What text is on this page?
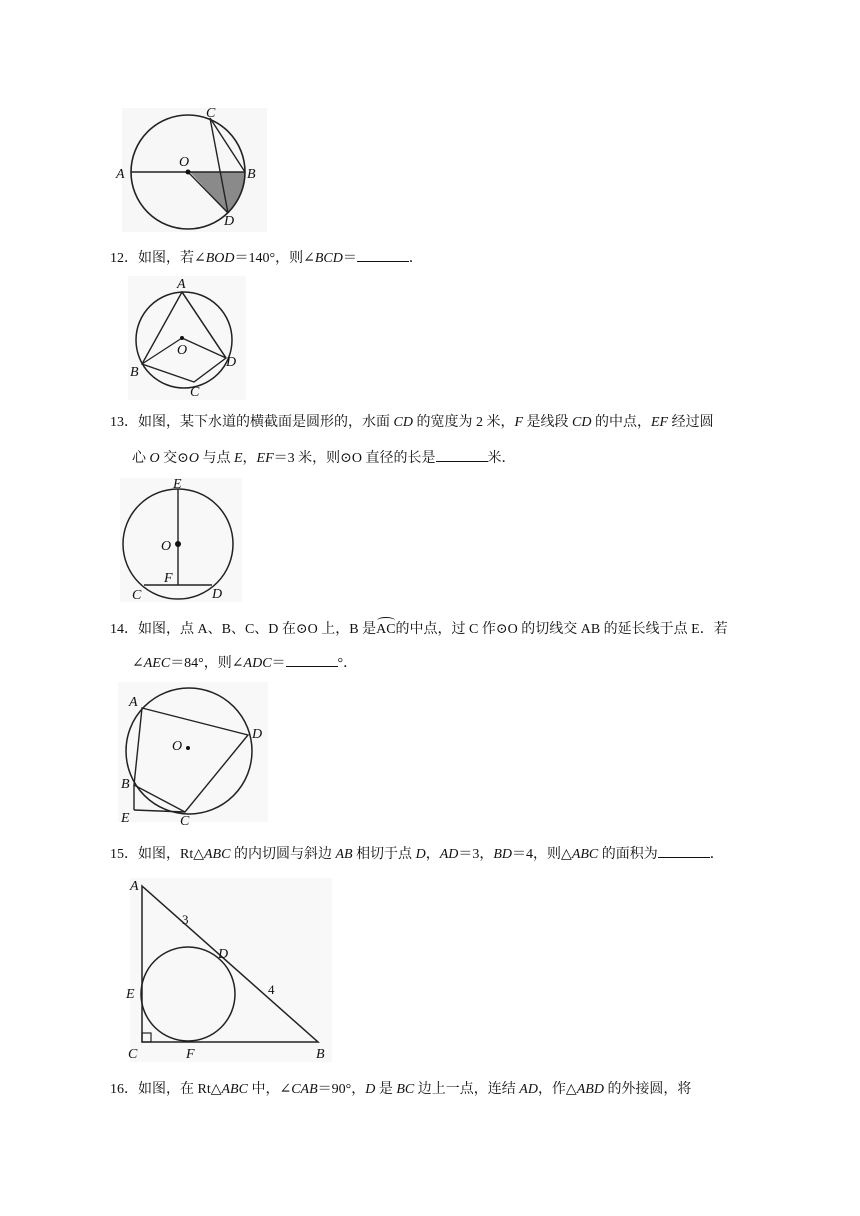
A
C
O
B
D
12．如图，若∠BOD＝140°，则∠BCD＝	．
A
O
B
D
C
13．如图，某下水道的横截面是圆形的，水面 CD 的宽度为 2 米，F 是线段 CD 的中点，EF 经过圆
心 O 交⊙O 与点 E，EF＝3 米，则⊙O 直径的长是	米．
E
O
F
C	D
14．如图，点 A、B、C、D 在⊙O 上，B 是AC的中点，过 C 作⊙O 的切线交 AB 的延长线于点 E．若
∠AEC＝84°，则∠ADC＝	°．
A
O
D
B
E	C
15．如图，Rt△ABC 的内切圆与斜边 AB 相切于点 D，AD＝3，BD＝4，则△ABC 的面积为	．
A
3
D
4
E
C	F	B
16．如图，在 Rt△ABC 中，∠CAB＝90°，D 是 BC 边上一点，连结 AD，作△ABD 的外接圆，将
